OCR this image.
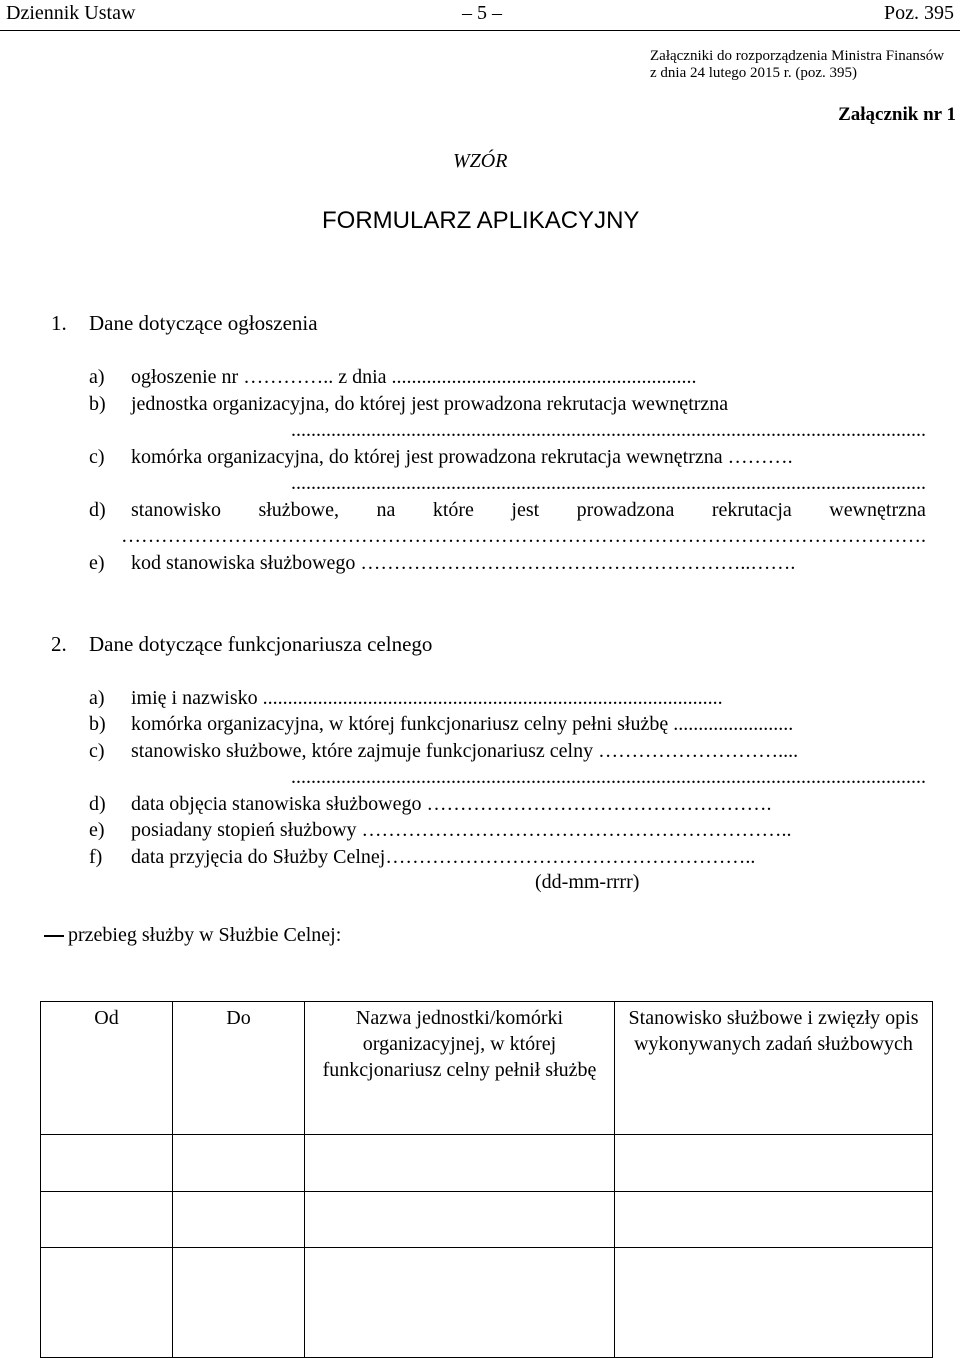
Dziennik Ustaw	– 5 –	Poz. 395
Załączniki do rozporządzenia Ministra Finansów
z dnia 24 lutego 2015 r. (poz. 395)
Załącznik nr 1
WZÓR
FORMULARZ APLIKACYJNY
1. Dane dotyczące ogłoszenia
a) ogłoszenie nr ………….. z dnia .............................................................
b) jednostka organizacyjna, do której jest prowadzona rekrutacja wewnętrzna
...............................................................................................................................
c) komórka organizacyjna, do której jest prowadzona rekrutacja wewnętrzna ……….
...............................................................................................................................
d) stanowisko służbowe, na które jest prowadzona rekrutacja wewnętrzna
………………………………………………………………………………………………………….
e) kod stanowiska służbowego …………………………………………………..…….
2. Dane dotyczące funkcjonariusza celnego
a) imię i nazwisko ............................................................................................
b) komórka organizacyjna, w której funkcjonariusz celny pełni służbę ........................
c) stanowisko służbowe, które zajmuje funkcjonariusz celny ………………………....
...............................................................................................................................
d) data objęcia stanowiska służbowego …………………………………………….
e) posiadany stopień służbowy ………………………………………………………..
f) data przyjęcia do Służby Celnej………………………………………………..
(dd-mm-rrrr)
przebieg służby w Służbie Celnej:
Od	Do	Nazwa jednostki/komórki organizacyjnej, w której funkcjonariusz celny pełnił służbę	Stanowisko służbowe i zwięzły opis wykonywanych zadań służbowych
